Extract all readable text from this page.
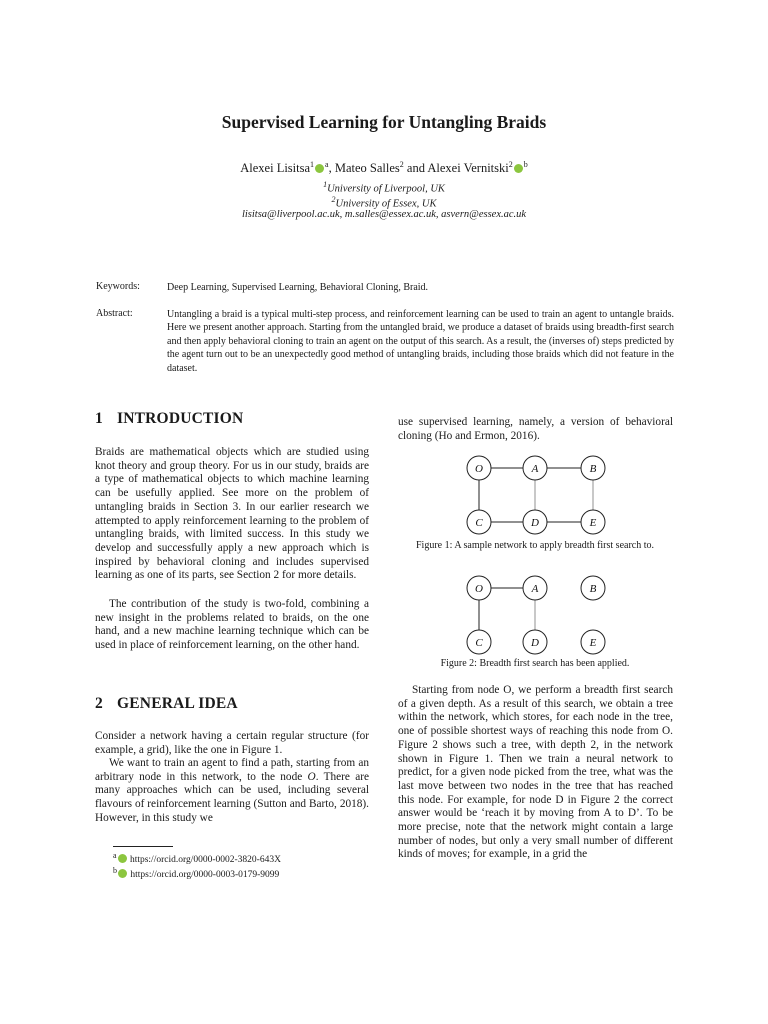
Supervised Learning for Untangling Braids
Alexei Lisitsa$^1$ $^a$, Mateo Salles$^2$ and Alexei Vernitski$^2$ $^b$
$^1$University of Liverpool, UK
$^2$University of Essex, UK
lisitsa@liverpool.ac.uk, m.salles@essex.ac.uk, asvern@essex.ac.uk
Keywords:	Deep Learning, Supervised Learning, Behavioral Cloning, Braid.
Abstract:	Untangling a braid is a typical multi-step process, and reinforcement learning can be used to train an agent to untangle braids. Here we present another approach. Starting from the untangled braid, we produce a dataset of braids using breadth-first search and then apply behavioral cloning to train an agent on the output of this search. As a result, the (inverses of) steps predicted by the agent turn out to be an unexpectedly good method of untangling braids, including those braids which did not feature in the dataset.
1 INTRODUCTION
Braids are mathematical objects which are studied using knot theory and group theory. For us in our study, braids are a type of mathematical objects to which machine learning can be usefully applied. See more on the problem of untangling braids in Section 3. In our earlier research we attempted to apply reinforcement learning to the problem of untangling braids, with limited success. In this study we develop and successfully apply a new approach which is inspired by behavioral cloning and includes supervised learning as one of its parts, see Section 2 for more details.
The contribution of the study is two-fold, combining a new insight in the problems related to braids, on the one hand, and a new machine learning technique which can be used in place of reinforcement learning, on the other hand.
2 GENERAL IDEA
Consider a network having a certain regular structure (for example, a grid), like the one in Figure 1.
We want to train an agent to find a path, starting from an arbitrary node in this network, to the node O. There are many approaches which can be used, including several flavours of reinforcement learning (Sutton and Barto, 2018). However, in this study we
$^a$ https://orcid.org/0000-0002-3820-643X
$^b$ https://orcid.org/0000-0003-0179-9099
use supervised learning, namely, a version of behavioral cloning (Ho and Ermon, 2016).
O	A	B
C	D	E
Figure 1: A sample network to apply breadth first search to.
O	A	B
C	D	E
Figure 2: Breadth first search has been applied.
Starting from node O, we perform a breadth first search of a given depth. As a result of this search, we obtain a tree within the network, which stores, for each node in the tree, one of possible shortest ways of reaching this node from O. Figure 2 shows such a tree, with depth 2, in the network shown in Figure 1. Then we train a neural network to predict, for a given node picked from the tree, what was the last move between two nodes in the tree that has reached this node. For example, for node D in Figure 2 the correct answer would be ‘reach it by moving from A to D’. To be more precise, note that the network might contain a large number of nodes, but only a very small number of different kinds of moves; for example, in a grid the
